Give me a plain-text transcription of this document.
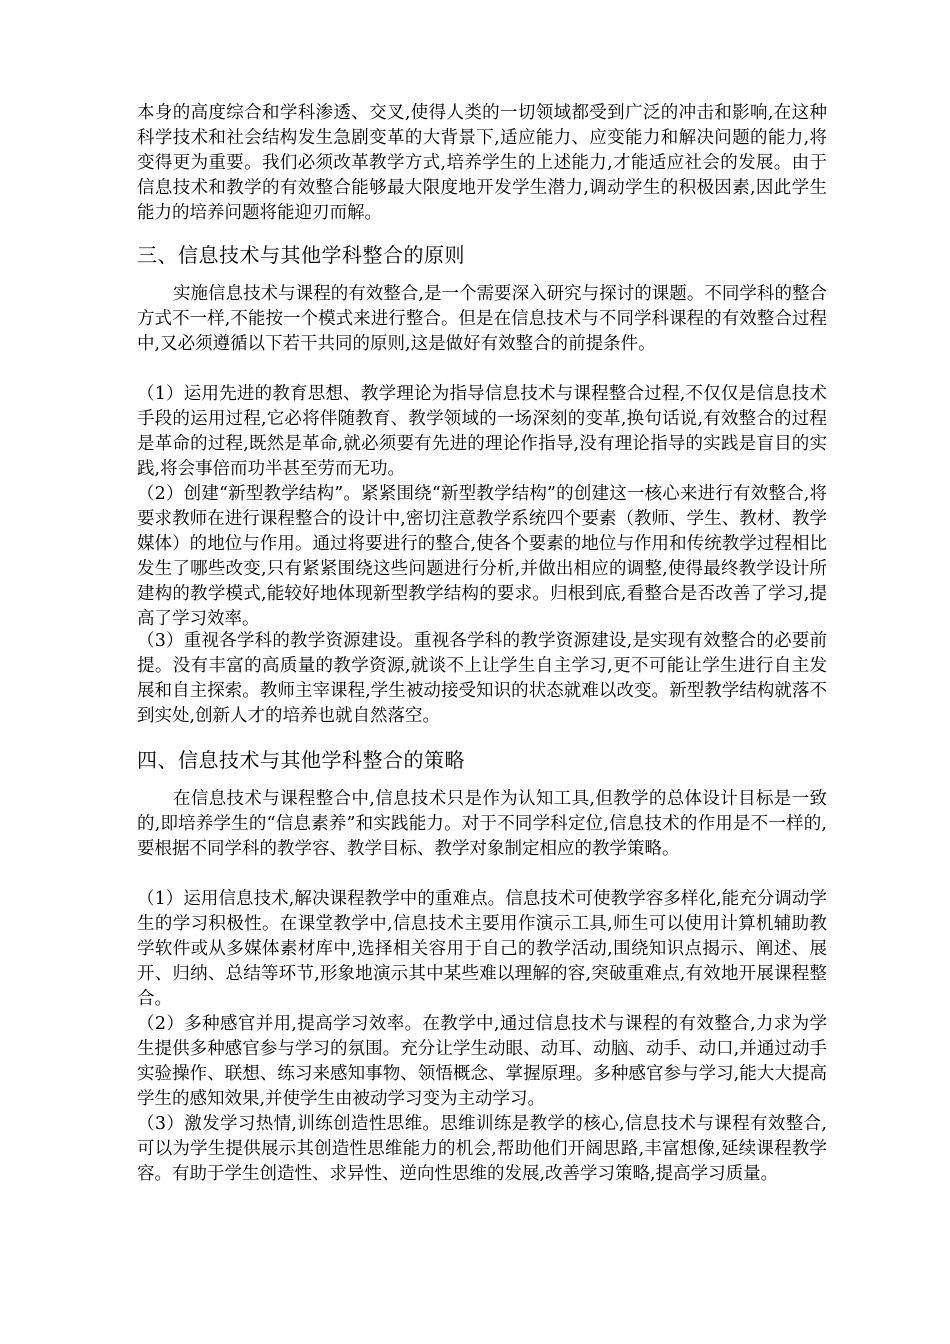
本身的高度综合和学科渗透、交叉,使得人类的一切领域都受到广泛的冲击和影响,在这种科学技术和社会结构发生急剧变革的大背景下,适应能力、应变能力和解决问题的能力,将变得更为重要。我们必须改革教学方式,培养学生的上述能力,才能适应社会的发展。由于信息技术和教学的有效整合能够最大限度地开发学生潜力,调动学生的积极因素,因此学生能力的培养问题将能迎刃而解。

三、信息技术与其他学科整合的原则

实施信息技术与课程的有效整合,是一个需要深入研究与探讨的课题。不同学科的整合方式不一样,不能按一个模式来进行整合。但是在信息技术与不同学科课程的有效整合过程中,又必须遵循以下若干共同的原则,这是做好有效整合的前提条件。

（1）运用先进的教育思想、教学理论为指导信息技术与课程整合过程,不仅仅是信息技术手段的运用过程,它必将伴随教育、教学领域的一场深刻的变革,换句话说,有效整合的过程是革命的过程,既然是革命,就必须要有先进的理论作指导,没有理论指导的实践是盲目的实践,将会事倍而功半甚至劳而无功。

（2）创建“新型教学结构”。紧紧围绕“新型教学结构”的创建这一核心来进行有效整合,将要求教师在进行课程整合的设计中,密切注意教学系统四个要素（教师、学生、教材、教学媒体）的地位与作用。通过将要进行的整合,使各个要素的地位与作用和传统教学过程相比发生了哪些改变,只有紧紧围绕这些问题进行分析,并做出相应的调整,使得最终教学设计所建构的教学模式,能较好地体现新型教学结构的要求。归根到底,看整合是否改善了学习,提高了学习效率。

（3）重视各学科的教学资源建设。重视各学科的教学资源建设,是实现有效整合的必要前提。没有丰富的高质量的教学资源,就谈不上让学生自主学习,更不可能让学生进行自主发展和自主探索。教师主宰课程,学生被动接受知识的状态就难以改变。新型教学结构就落不到实处,创新人才的培养也就自然落空。

四、信息技术与其他学科整合的策略

在信息技术与课程整合中,信息技术只是作为认知工具,但教学的总体设计目标是一致的,即培养学生的“信息素养”和实践能力。对于不同学科定位,信息技术的作用是不一样的,要根据不同学科的教学容、教学目标、教学对象制定相应的教学策略。

（1）运用信息技术,解决课程教学中的重难点。信息技术可使教学容多样化,能充分调动学生的学习积极性。在课堂教学中,信息技术主要用作演示工具,师生可以使用计算机辅助教学软件或从多媒体素材库中,选择相关容用于自己的教学活动,围绕知识点揭示、阐述、展开、归纳、总结等环节,形象地演示其中某些难以理解的容,突破重难点,有效地开展课程整合。

（2）多种感官并用,提高学习效率。在教学中,通过信息技术与课程的有效整合,力求为学生提供多种感官参与学习的氛围。充分让学生动眼、动耳、动脑、动手、动口,并通过动手实验操作、联想、练习来感知事物、领悟概念、掌握原理。多种感官参与学习,能大大提高学生的感知效果,并使学生由被动学习变为主动学习。

（3）激发学习热情,训练创造性思维。思维训练是教学的核心,信息技术与课程有效整合,可以为学生提供展示其创造性思维能力的机会,帮助他们开阔思路,丰富想像,延续课程教学容。有助于学生创造性、求异性、逆向性思维的发展,改善学习策略,提高学习质量。
